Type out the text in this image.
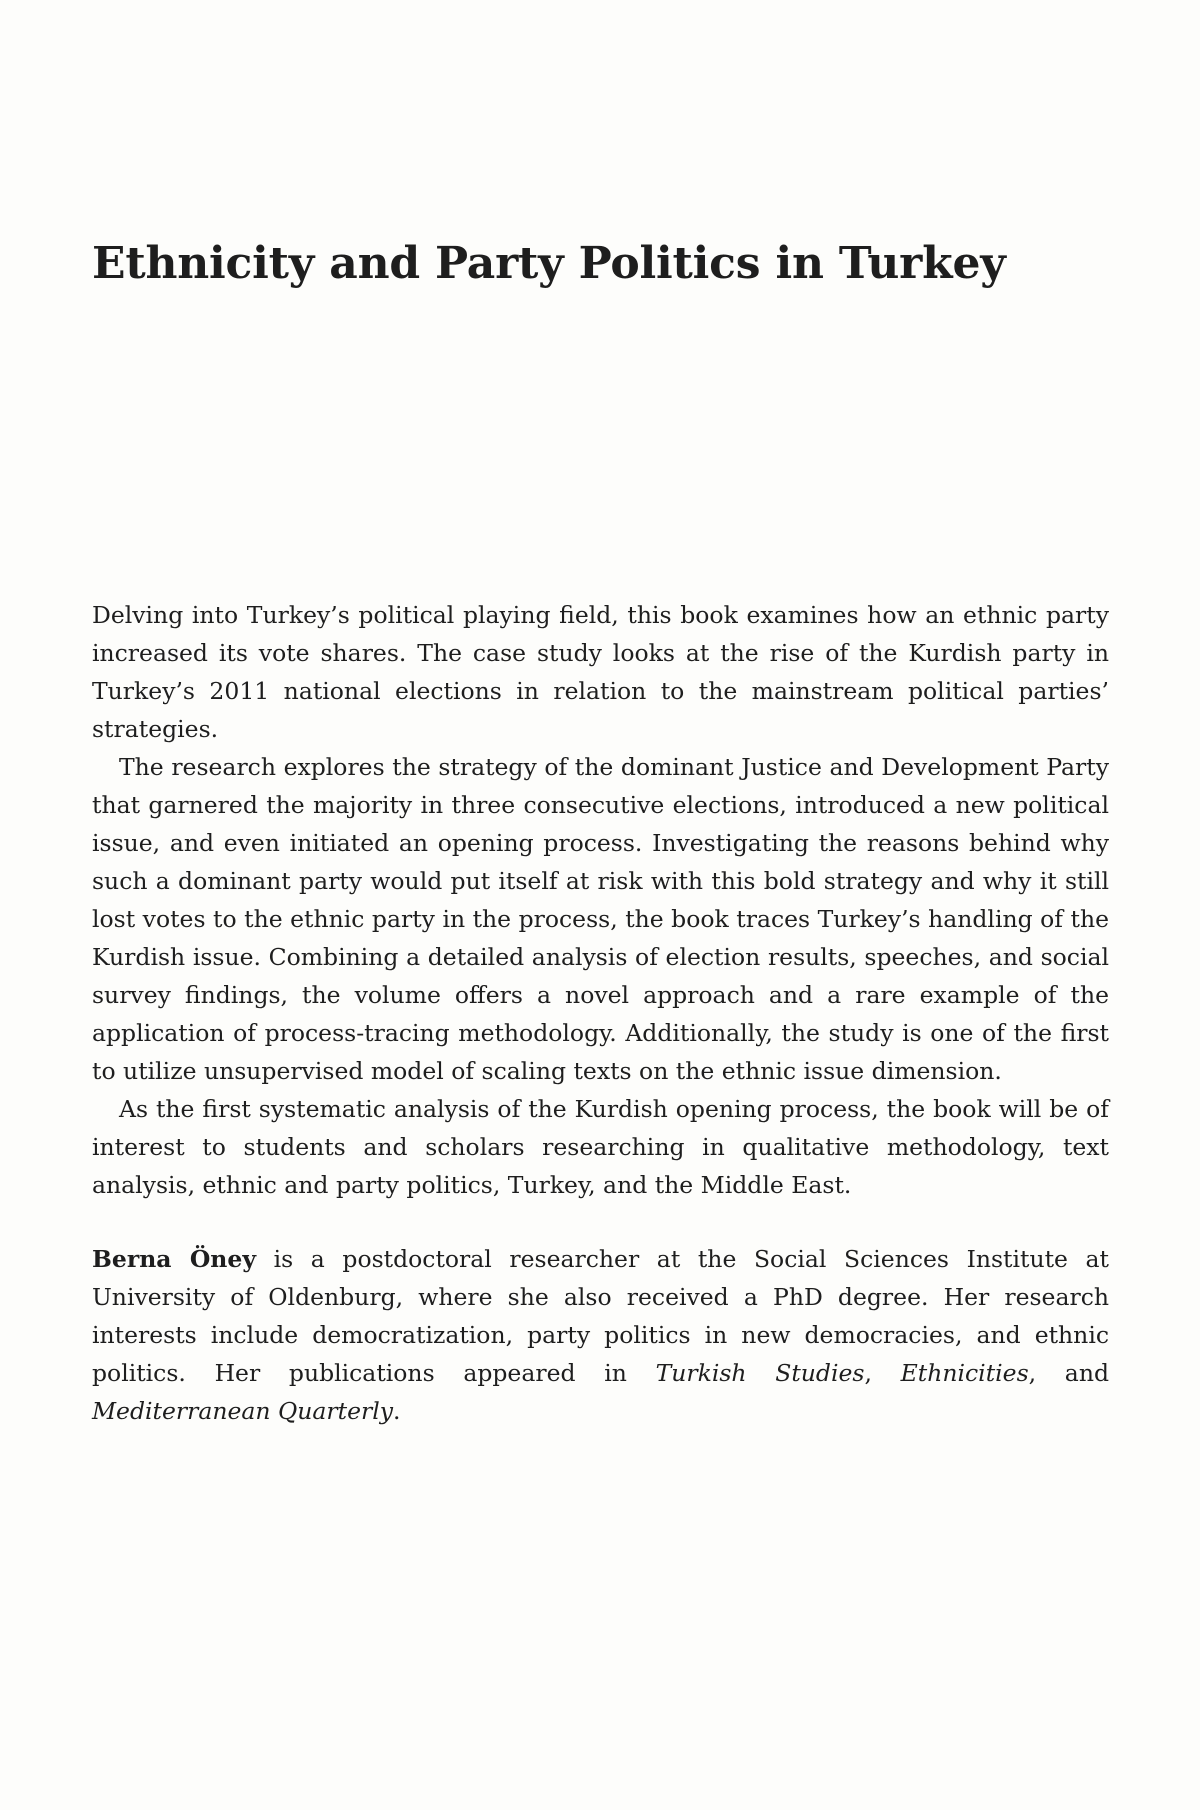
Ethnicity and Party Politics in Turkey

Delving into Turkey’s political playing field, this book examines how an ethnic party increased its vote shares. The case study looks at the rise of the Kurdish party in Turkey’s 2011 national elections in relation to the mainstream political parties’ strategies.

The research explores the strategy of the dominant Justice and Development Party that garnered the majority in three consecutive elections, introduced a new political issue, and even initiated an opening process. Investigating the reasons behind why such a dominant party would put itself at risk with this bold strategy and why it still lost votes to the ethnic party in the process, the book traces Turkey’s handling of the Kurdish issue. Combining a detailed analysis of election results, speeches, and social survey findings, the volume offers a novel approach and a rare example of the application of process-tracing methodology. Additionally, the study is one of the first to utilize unsupervised model of scaling texts on the ethnic issue dimension.

As the first systematic analysis of the Kurdish opening process, the book will be of interest to students and scholars researching in qualitative methodology, text analysis, ethnic and party politics, Turkey, and the Middle East.

Berna Öney is a postdoctoral researcher at the Social Sciences Institute at University of Oldenburg, where she also received a PhD degree. Her research interests include democratization, party politics in new democracies, and ethnic politics. Her publications appeared in Turkish Studies, Ethnicities, and Mediterranean Quarterly.
